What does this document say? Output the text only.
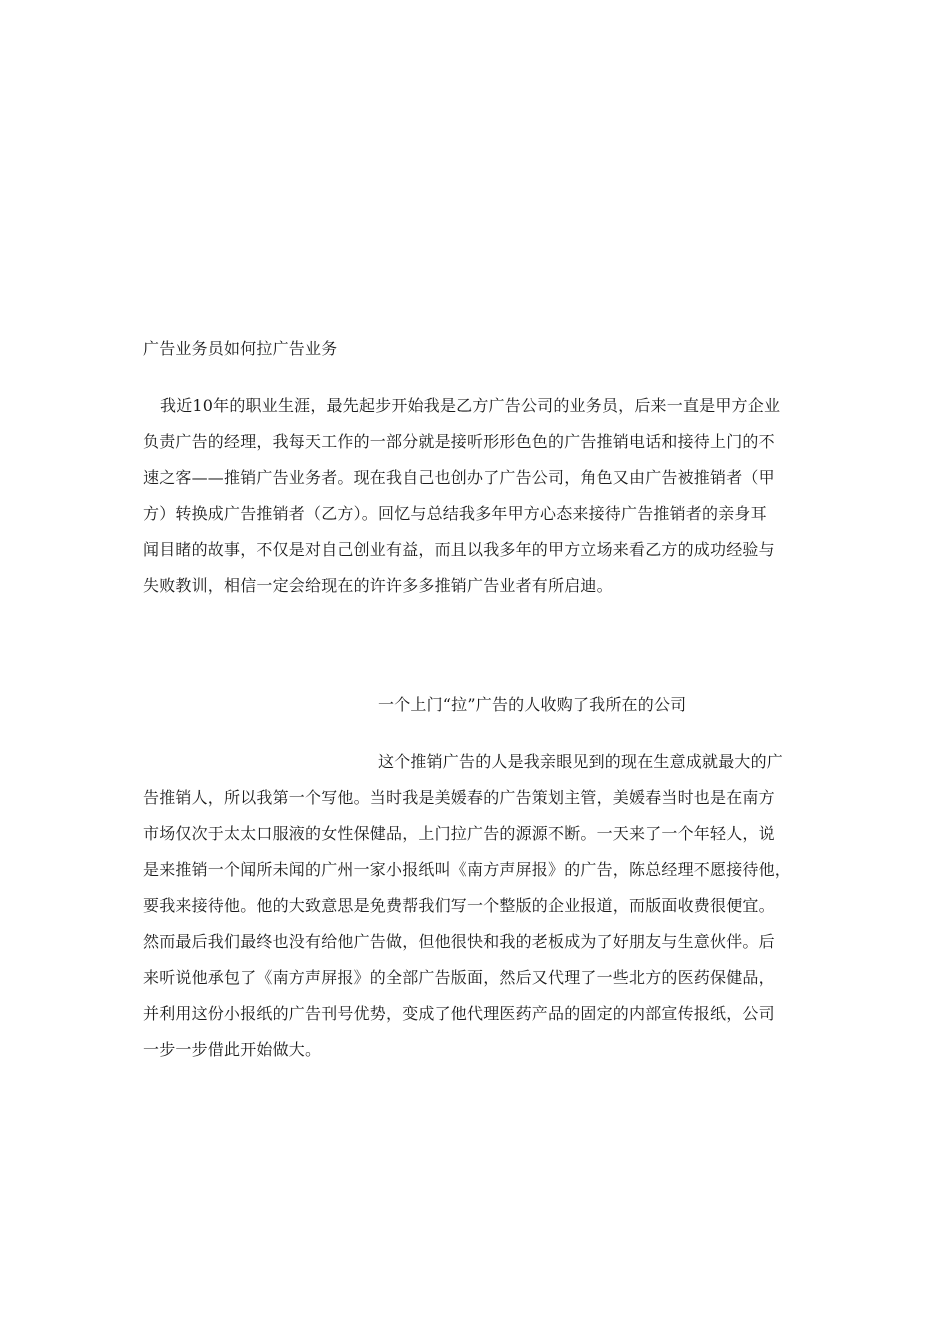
广告业务员如何拉广告业务
我近10年的职业生涯，最先起步开始我是乙方广告公司的业务员，后来一直是甲方企业
负责广告的经理，我每天工作的一部分就是接听形形色色的广告推销电话和接待上门的不
速之客——推销广告业务者。现在我自己也创办了广告公司，角色又由广告被推销者（甲
方）转换成广告推销者（乙方）。回忆与总结我多年甲方心态来接待广告推销者的亲身耳
闻目睹的故事，不仅是对自己创业有益，而且以我多年的甲方立场来看乙方的成功经验与
失败教训，相信一定会给现在的许许多多推销广告业者有所启迪。
一个上门“拉”广告的人收购了我所在的公司
这个推销广告的人是我亲眼见到的现在生意成就最大的广
告推销人，所以我第一个写他。当时我是美媛春的广告策划主管，美媛春当时也是在南方
市场仅次于太太口服液的女性保健品，上门拉广告的源源不断。一天来了一个年轻人，说
是来推销一个闻所未闻的广州一家小报纸叫《南方声屏报》的广告，陈总经理不愿接待他，
要我来接待他。他的大致意思是免费帮我们写一个整版的企业报道，而版面收费很便宜。
然而最后我们最终也没有给他广告做，但他很快和我的老板成为了好朋友与生意伙伴。后
来听说他承包了《南方声屏报》的全部广告版面，然后又代理了一些北方的医药保健品，
并利用这份小报纸的广告刊号优势，变成了他代理医药产品的固定的内部宣传报纸，公司
一步一步借此开始做大。
